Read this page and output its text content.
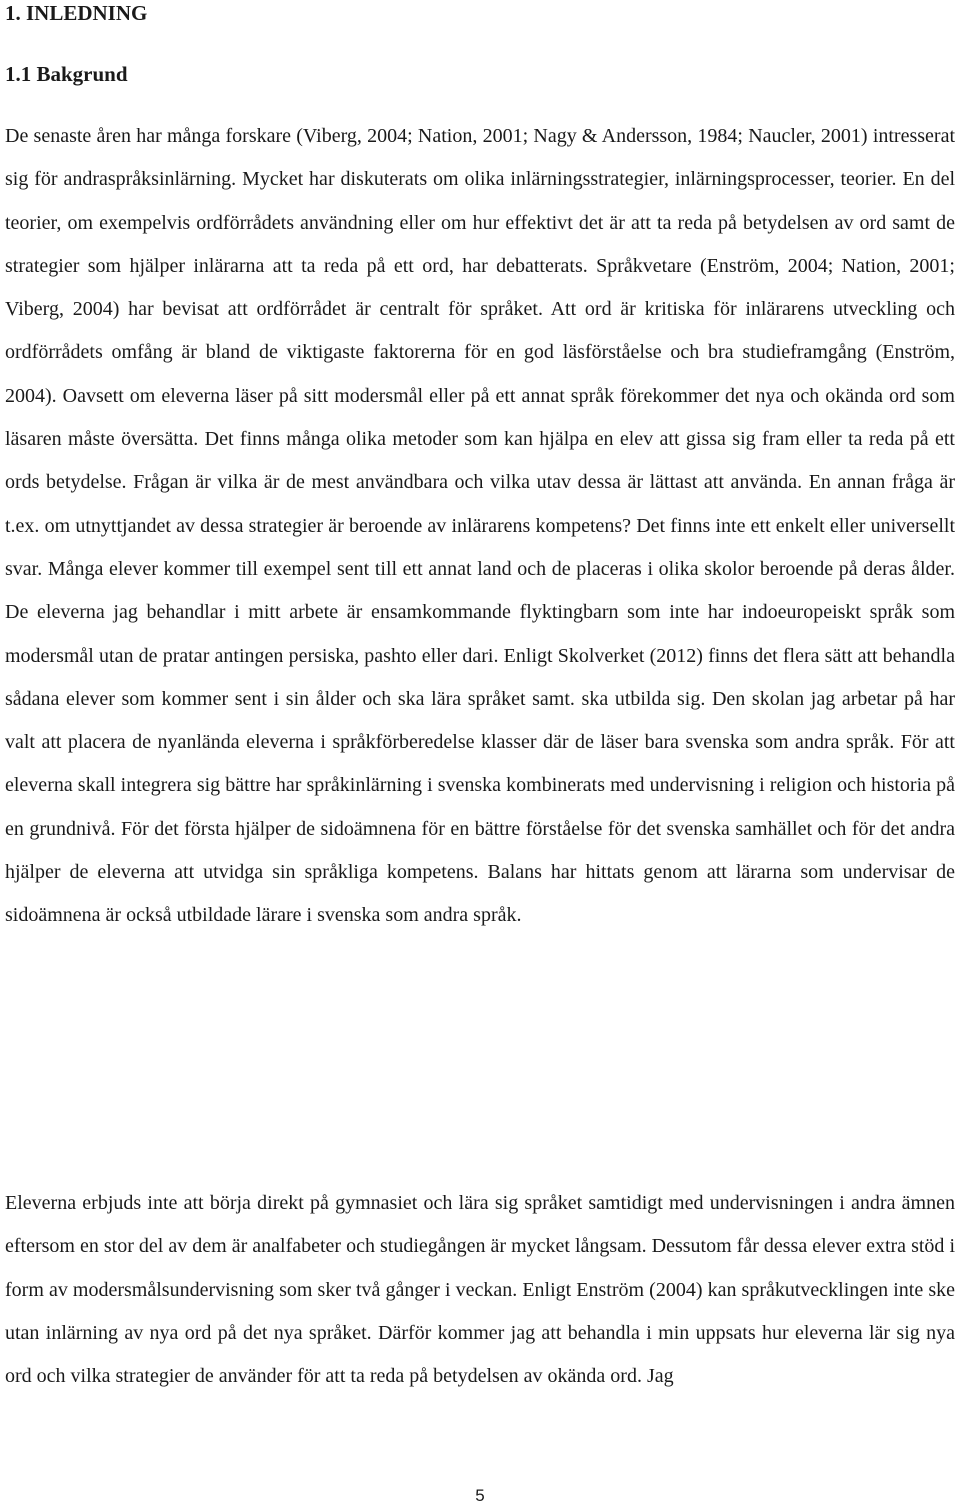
1. INLEDNING
1.1 Bakgrund

De senaste åren har många forskare (Viberg, 2004; Nation, 2001; Nagy & Andersson, 1984; Naucler, 2001) intresserat sig för andraspråksinlärning. Mycket har diskuterats om olika inlärningsstrategier, inlärningsprocesser, teorier. En del teorier, om exempelvis ordförrådets användning eller om hur effektivt det är att ta reda på betydelsen av ord samt de strategier som hjälper inlärarna att ta reda på ett ord, har debatterats. Språkvetare (Enström, 2004; Nation, 2001; Viberg, 2004) har bevisat att ordförrådet är centralt för språket. Att ord är kritiska för inlärarens utveckling och ordförrådets omfång är bland de viktigaste faktorerna för en god läsförståelse och bra studieframgång (Enström, 2004). Oavsett om eleverna läser på sitt modersmål eller på ett annat språk förekommer det nya och okända ord som läsaren måste översätta. Det finns många olika metoder som kan hjälpa en elev att gissa sig fram eller ta reda på ett ords betydelse. Frågan är vilka är de mest användbara och vilka utav dessa är lättast att använda. En annan fråga är t.ex. om utnyttjandet av dessa strategier är beroende av inlärarens kompetens? Det finns inte ett enkelt eller universellt svar. Många elever kommer till exempel sent till ett annat land och de placeras i olika skolor beroende på deras ålder. De eleverna jag behandlar i mitt arbete är ensamkommande flyktingbarn som inte har indoeuropeiskt språk som modersmål utan de pratar antingen persiska, pashto eller dari. Enligt Skolverket (2012) finns det flera sätt att behandla sådana elever som kommer sent i sin ålder och ska lära språket samt. ska utbilda sig. Den skolan jag arbetar på har valt att placera de nyanlända eleverna i språkförberedelse klasser där de läser bara svenska som andra språk. För att eleverna skall integrera sig bättre har språkinlärning i svenska kombinerats med undervisning i religion och historia på en grundnivå. För det första hjälper de sidoämnena för en bättre förståelse för det svenska samhället och för det andra hjälper de eleverna att utvidga sin språkliga kompetens. Balans har hittats genom att lärarna som undervisar de sidoämnena är också utbildade lärare i svenska som andra språk.

Eleverna erbjuds inte att börja direkt på gymnasiet och lära sig språket samtidigt med undervisningen i andra ämnen eftersom en stor del av dem är analfabeter och studiegången är mycket långsam. Dessutom får dessa elever extra stöd i form av modersmålsundervisning som sker två gånger i veckan. Enligt Enström (2004) kan språkutvecklingen inte ske utan inlärning av nya ord på det nya språket. Därför kommer jag att behandla i min uppsats hur eleverna lär sig nya ord och vilka strategier de använder för att ta reda på betydelsen av okända ord. Jag

5
